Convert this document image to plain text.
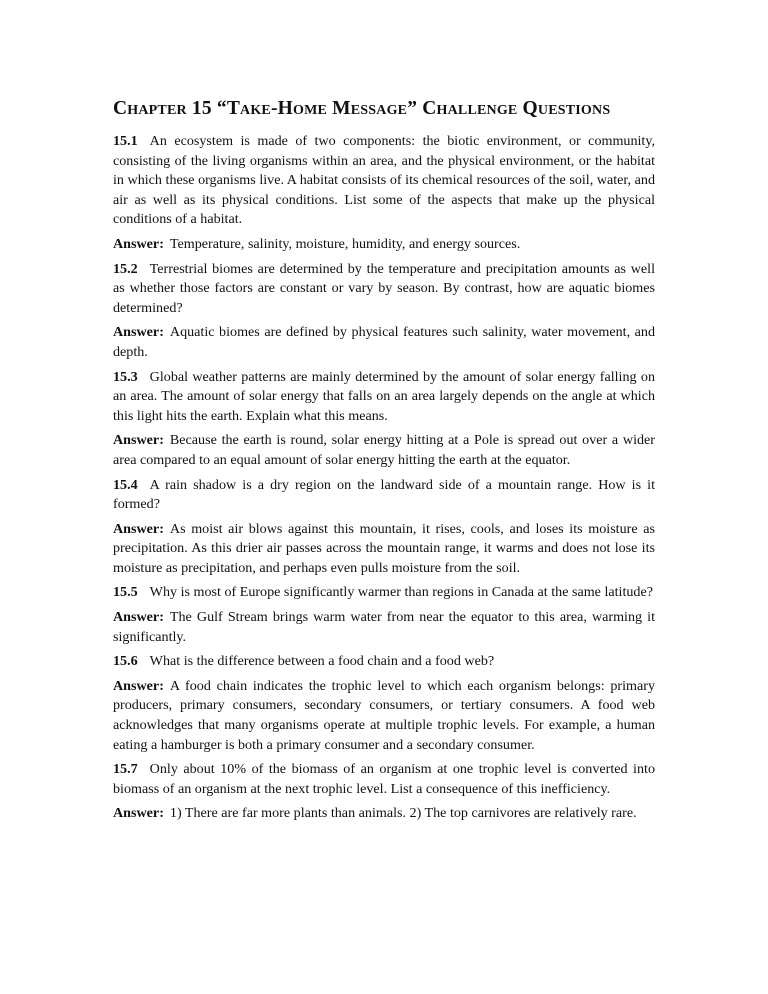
Chapter 15 “Take-Home Message” Challenge Questions

15.1 An ecosystem is made of two components: the biotic environment, or community, consisting of the living organisms within an area, and the physical environment, or the habitat in which these organisms live. A habitat consists of its chemical resources of the soil, water, and air as well as its physical conditions. List some of the aspects that make up the physical conditions of a habitat.

Answer: Temperature, salinity, moisture, humidity, and energy sources.

15.2 Terrestrial biomes are determined by the temperature and precipitation amounts as well as whether those factors are constant or vary by season. By contrast, how are aquatic biomes determined?

Answer: Aquatic biomes are defined by physical features such salinity, water movement, and depth.

15.3 Global weather patterns are mainly determined by the amount of solar energy falling on an area. The amount of solar energy that falls on an area largely depends on the angle at which this light hits the earth. Explain what this means.

Answer: Because the earth is round, solar energy hitting at a Pole is spread out over a wider area compared to an equal amount of solar energy hitting the earth at the equator.

15.4 A rain shadow is a dry region on the landward side of a mountain range. How is it formed?

Answer: As moist air blows against this mountain, it rises, cools, and loses its moisture as precipitation. As this drier air passes across the mountain range, it warms and does not lose its moisture as precipitation, and perhaps even pulls moisture from the soil.

15.5 Why is most of Europe significantly warmer than regions in Canada at the same latitude?

Answer: The Gulf Stream brings warm water from near the equator to this area, warming it significantly.

15.6 What is the difference between a food chain and a food web?

Answer: A food chain indicates the trophic level to which each organism belongs: primary producers, primary consumers, secondary consumers, or tertiary consumers. A food web acknowledges that many organisms operate at multiple trophic levels. For example, a human eating a hamburger is both a primary consumer and a secondary consumer.

15.7 Only about 10% of the biomass of an organism at one trophic level is converted into biomass of an organism at the next trophic level. List a consequence of this inefficiency.

Answer: 1) There are far more plants than animals. 2) The top carnivores are relatively rare.
